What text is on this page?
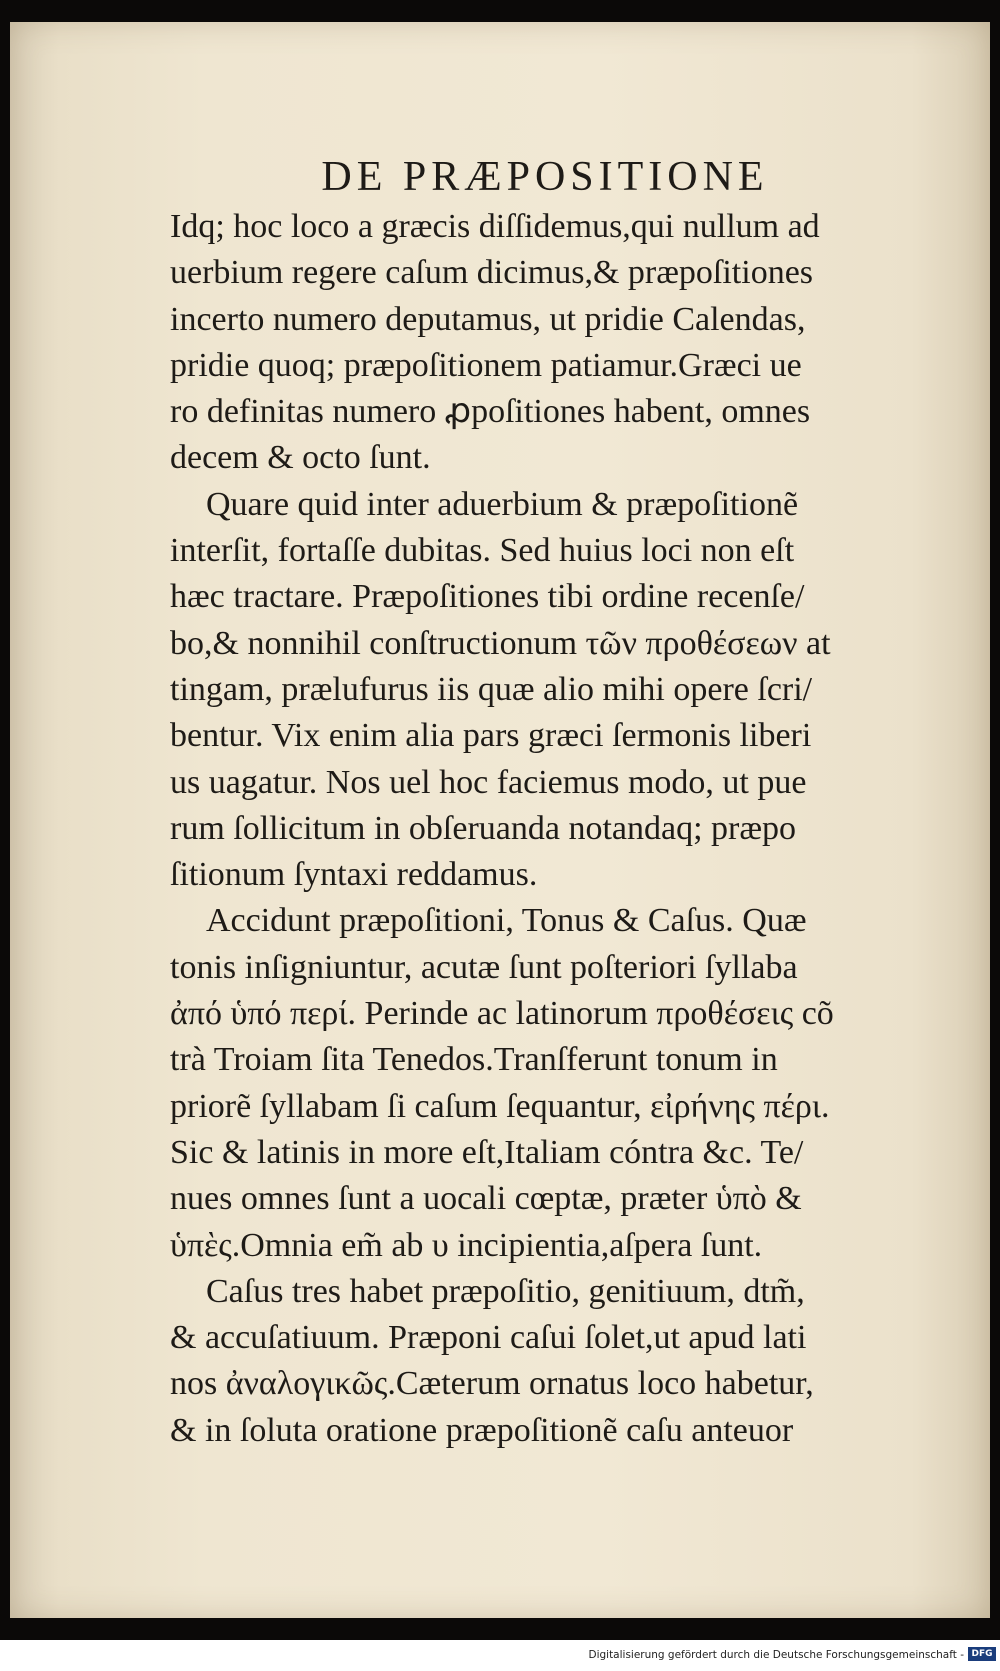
DE PRÆPOSITIONE
Idq; hoc loco a græcis diſſidemus,qui nullum ad
uerbium regere caſum dicimus,& præpoſitiones
incerto numero deputamus, ut pridie Calendas,
pridie quoq; præpoſitionem patiamur.Græci ue
ro definitas numero ꝓpoſitiones habent, omnes
decem & octo ſunt.
Quare quid inter aduerbium & præpoſitionẽ
interſit, fortaſſe dubitas. Sed huius loci non eſt
hæc tractare. Præpoſitiones tibi ordine recenſe/
bo,& nonnihil conſtructionum τῶν προθέσεων at
tingam, prælufurus iis quæ alio mihi opere ſcri/
bentur. Vix enim alia pars græci ſermonis liberi
us uagatur. Nos uel hoc faciemus modo, ut pue
rum ſollicitum in obſeruanda notandaq; præpo
ſitionum ſyntaxi reddamus.
Accidunt præpoſitioni, Tonus & Caſus. Quæ
tonis inſigniuntur, acutæ ſunt poſteriori ſyllaba
ἀπό ὑπό περί. Perinde ac latinorum προθέσεις cõ
trà Troiam ſita Tenedos.Tranſferunt tonum in
priorẽ ſyllabam ſi caſum ſequantur, εἰρήνης πέρι.
Sic & latinis in more eſt,Italiam cóntra &c. Te/
nues omnes ſunt a uocali cœptæ, præter ὑπὸ &
ὑπὲς.Omnia em̃ ab υ incipientia,aſpera ſunt.
Caſus tres habet præpoſitio, genitiuum, dtm̃,
& accuſatiuum. Præponi caſui ſolet,ut apud lati
nos ἀναλογικῶς.Cæterum ornatus loco habetur,
& in ſoluta oratione præpoſitionẽ caſu anteuor
Digitalisierung gefördert durch die Deutsche Forschungsgemeinschaft - DFG
